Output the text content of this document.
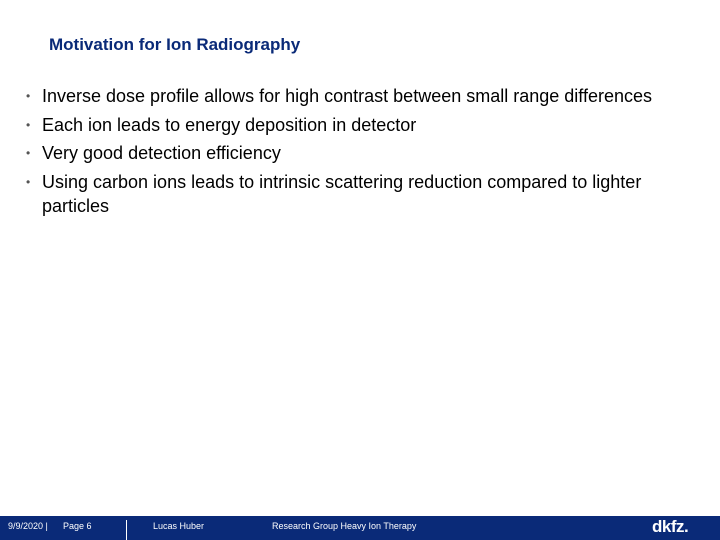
Motivation for Ion Radiography
• Inverse dose profile allows for high contrast between small range differences
• Each ion leads to energy deposition in detector
• Very good detection efficiency
• Using carbon ions leads to intrinsic scattering reduction compared to lighter particles
9/9/2020 | Page 6	Lucas Huber	Research Group Heavy Ion Therapy	dkfz.
